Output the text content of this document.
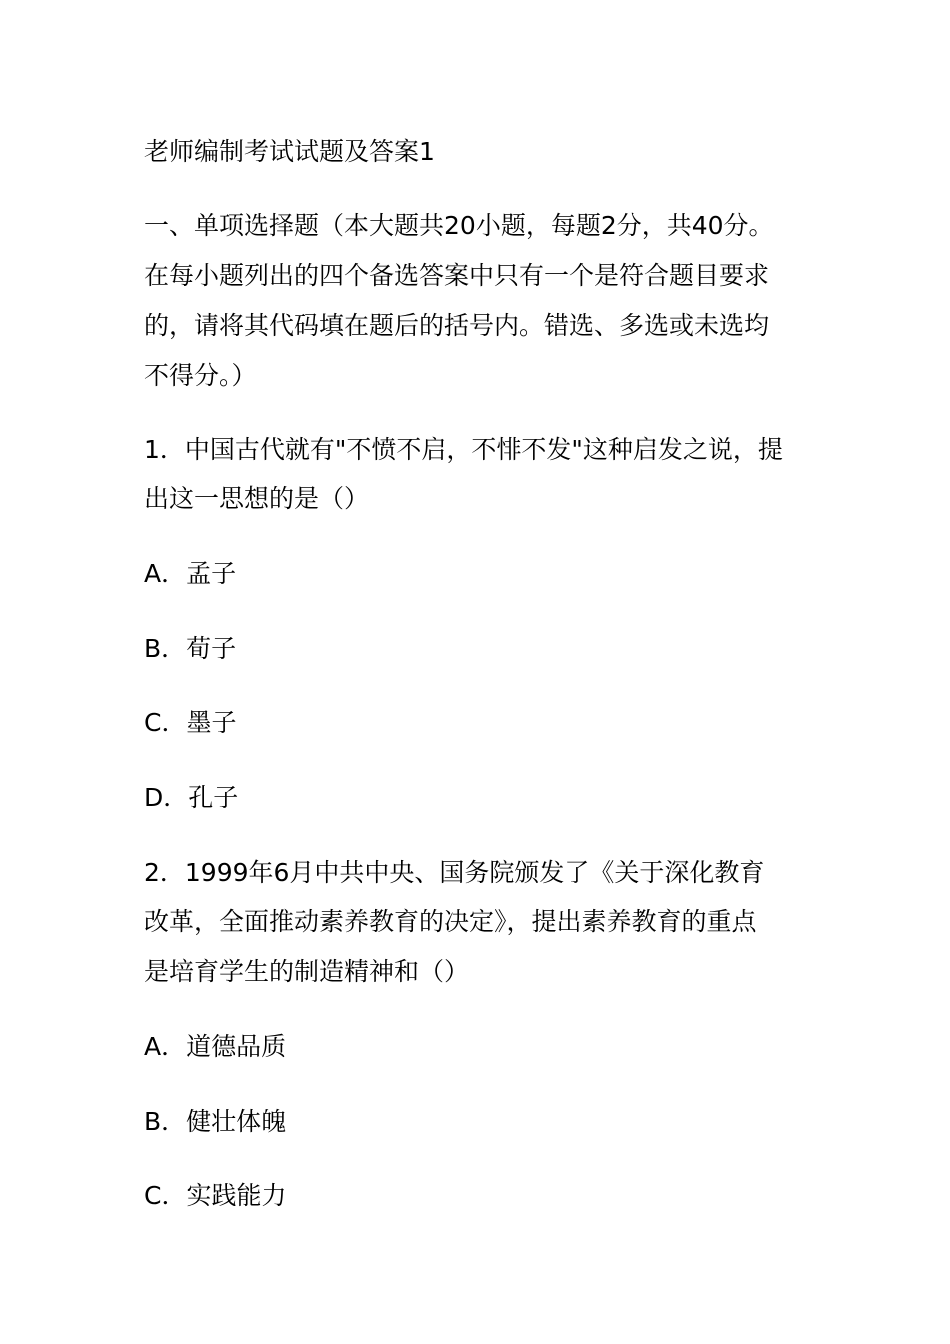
老师编制考试试题及答案1
一、单项选择题（本大题共20小题，每题2分，共40分。
在每小题列出的四个备选答案中只有一个是符合题目要求
的，请将其代码填在题后的括号内。错选、多选或未选均
不得分。）
1．中国古代就有"不愤不启，不悱不发"这种启发之说，提
出这一思想的是（）
A．孟子
B．荀子
C．墨子
D．孔子
2．1999年6月中共中央、国务院颁发了《关于深化教育
改革，全面推动素养教育的决定》，提出素养教育的重点
是培育学生的制造精神和（）
A．道德品质
B．健壮体魄
C．实践能力
